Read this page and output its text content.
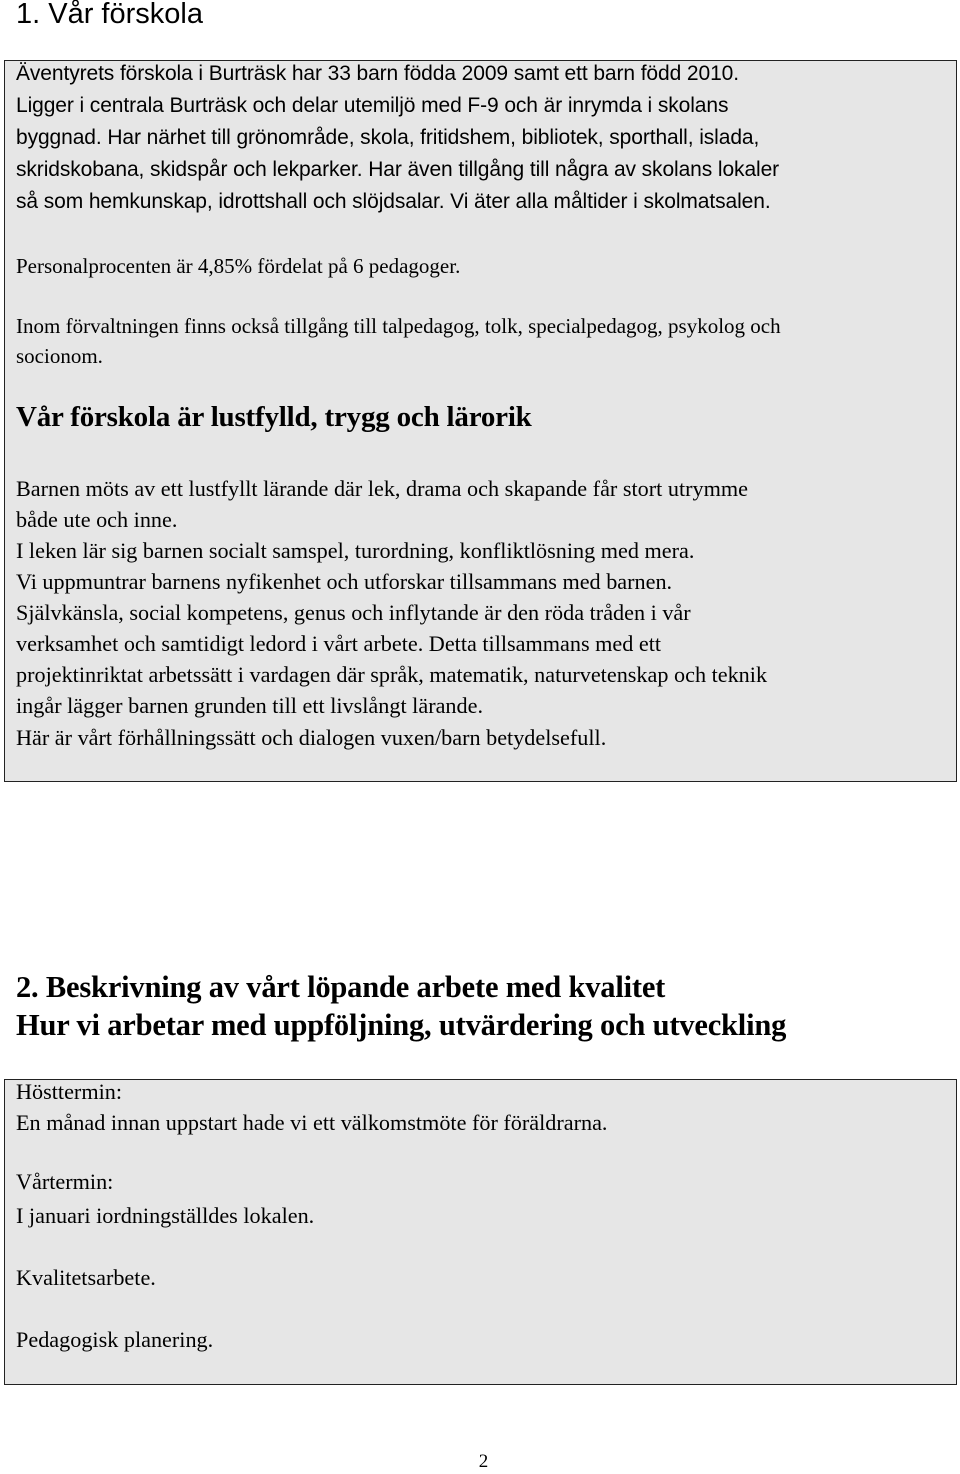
1. Vår förskola

Äventyrets förskola i Burträsk har 33 barn födda 2009 samt ett barn född 2010.

Ligger i centrala Burträsk och delar utemiljö med F-9 och är inrymda i skolans

byggnad. Har närhet till grönområde, skola, fritidshem, bibliotek, sporthall, islada,

skridskobana, skidspår och lekparker. Har även tillgång till några av skolans lokaler

så som hemkunskap, idrottshall och slöjdsalar. Vi äter alla måltider i skolmatsalen.

Personalprocenten är 4,85% fördelat på 6 pedagoger.

Inom förvaltningen finns också tillgång till talpedagog, tolk, specialpedagog, psykolog och

socionom.

Vår förskola är lustfylld, trygg och lärorik

Barnen möts av ett lustfyllt lärande där lek, drama och skapande får stort utrymme

både ute och inne.

I leken lär sig barnen socialt samspel, turordning, konfliktlösning med mera.

Vi uppmuntrar barnens nyfikenhet och utforskar tillsammans med barnen.

Självkänsla, social kompetens, genus och inflytande är den röda tråden i vår

verksamhet och samtidigt ledord i vårt arbete. Detta tillsammans med ett

projektinriktat arbetssätt i vardagen där språk, matematik, naturvetenskap och teknik

ingår lägger barnen grunden till ett livslångt lärande.

Här är vårt förhållningssätt och dialogen vuxen/barn betydelsefull.

2. Beskrivning av vårt löpande arbete med kvalitet

Hur vi arbetar med uppföljning, utvärdering och utveckling

Hösttermin:

En månad innan uppstart hade vi ett välkomstmöte för föräldrarna.

Vårtermin:

I januari iordningställdes lokalen.

Kvalitetsarbete.

Pedagogisk planering.

2
